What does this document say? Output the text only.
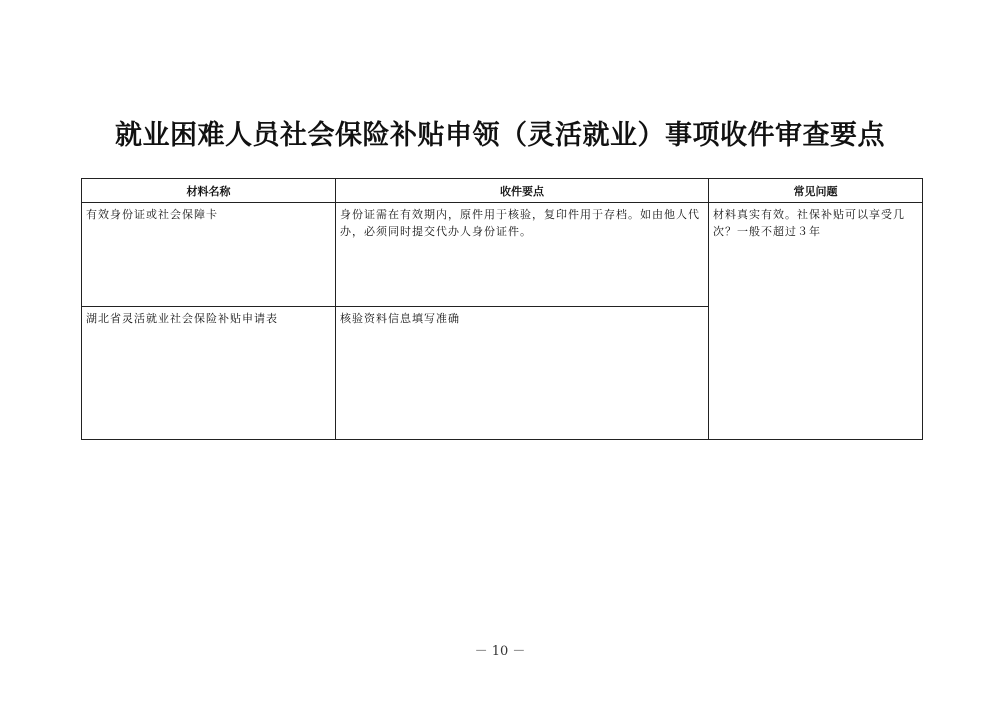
就业困难人员社会保险补贴申领（灵活就业）事项收件审查要点
材料名称	收件要点	常见问题
有效身份证或社会保障卡	身份证需在有效期内，原件用于核验，复印件用于存档。如由他人代办，必须同时提交代办人身份证件。	材料真实有效。社保补贴可以享受几次？一般不超过３年
湖北省灵活就业社会保险补贴申请表	核验资料信息填写准确	
－ 10 －
